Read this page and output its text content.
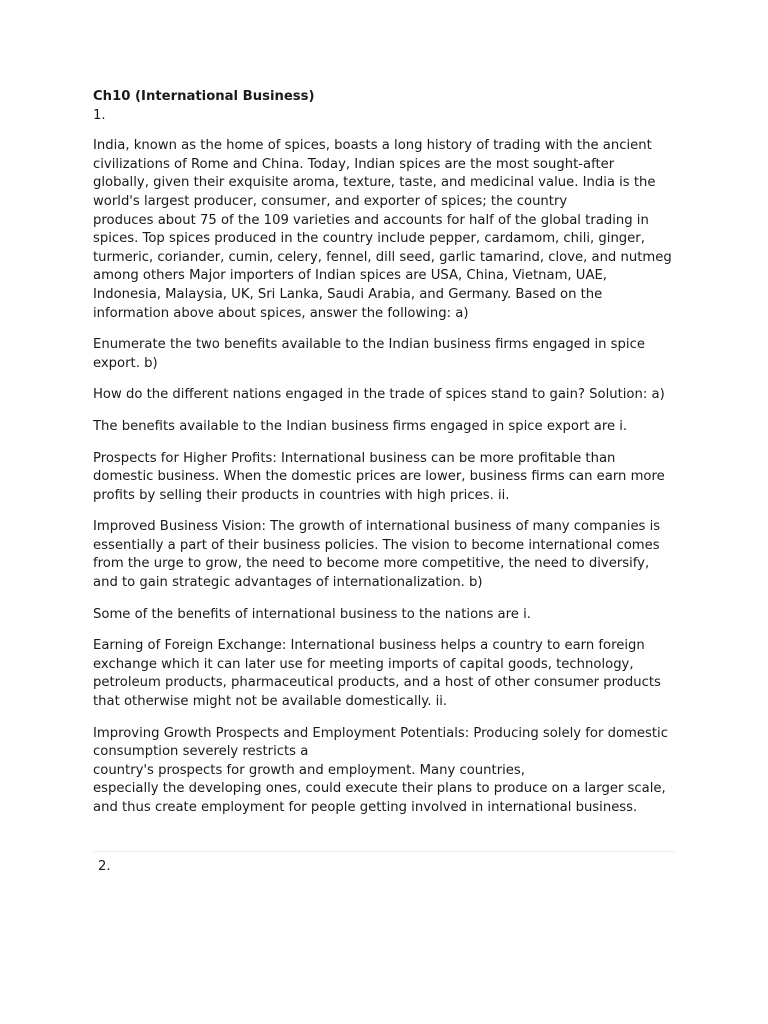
Ch10 (International Business)

1.

India, known as the home of spices, boasts a long history of trading with the ancient
civilizations of Rome and China. Today, Indian spices are the most sought-after
globally, given their exquisite aroma, texture, taste, and medicinal value. India is the
world's largest producer, consumer, and exporter of spices; the country
produces about 75 of the 109 varieties and accounts for half of the global trading in
spices. Top spices produced in the country include pepper, cardamom, chili, ginger,
turmeric, coriander, cumin, celery, fennel, dill seed, garlic tamarind, clove, and nutmeg
among others Major importers of Indian spices are USA, China, Vietnam, UAE,
Indonesia, Malaysia, UK, Sri Lanka, Saudi Arabia, and Germany. Based on the
information above about spices, answer the following: a)

Enumerate the two benefits available to the Indian business firms engaged in spice
export. b)

How do the different nations engaged in the trade of spices stand to gain? Solution: a)

The benefits available to the Indian business firms engaged in spice export are i.

Prospects for Higher Profits: International business can be more profitable than
domestic business. When the domestic prices are lower, business firms can earn more
profits by selling their products in countries with high prices. ii.

Improved Business Vision: The growth of international business of many companies is
essentially a part of their business policies. The vision to become international comes
from the urge to grow, the need to become more competitive, the need to diversify,
and to gain strategic advantages of internationalization. b)

Some of the benefits of international business to the nations are i.

Earning of Foreign Exchange: International business helps a country to earn foreign
exchange which it can later use for meeting imports of capital goods, technology,
petroleum products, pharmaceutical products, and a host of other consumer products
that otherwise might not be available domestically. ii.

Improving Growth Prospects and Employment Potentials: Producing solely for domestic
consumption severely restricts a
country's prospects for growth and employment. Many countries,
especially the developing ones, could execute their plans to produce on a larger scale,
and thus create employment for people getting involved in international business.

2.
